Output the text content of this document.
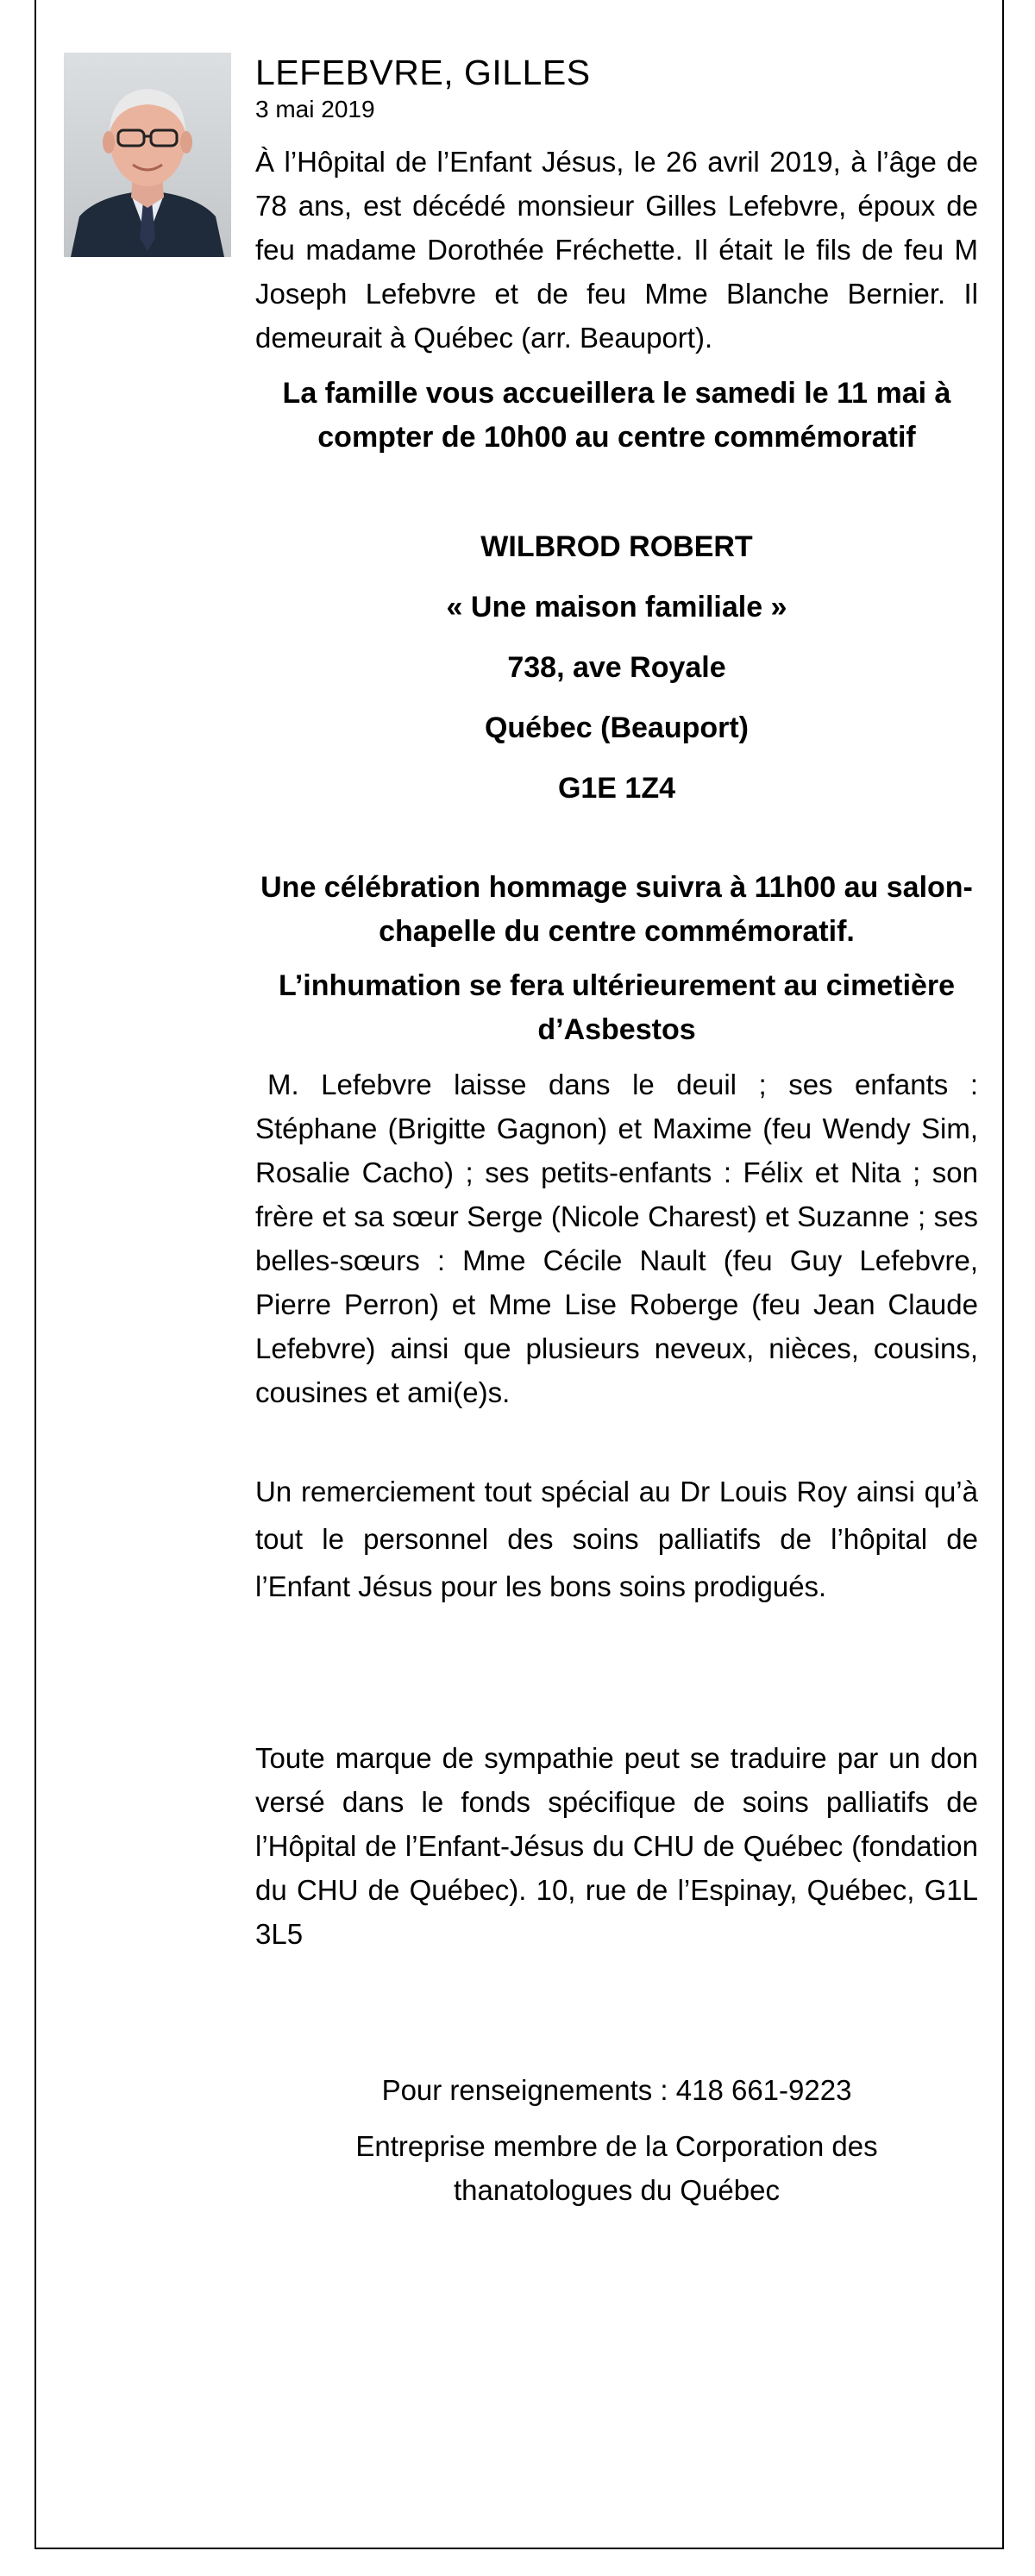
LEFEBVRE, GILLES
3 mai 2019

À l’Hôpital de l’Enfant Jésus, le 26 avril 2019, à l’âge de 78 ans, est décédé monsieur Gilles Lefebvre, époux de feu madame Dorothée Fréchette. Il était le fils de feu M Joseph Lefebvre et de feu Mme Blanche Bernier. Il demeurait à Québec (arr. Beauport).

La famille vous accueillera le samedi le 11 mai à compter de 10h00 au centre commémoratif

WILBROD ROBERT

« Une maison familiale »

738, ave Royale

Québec (Beauport)

G1E 1Z4

Une célébration hommage suivra à 11h00 au salon-chapelle du centre commémoratif.

L’inhumation se fera ultérieurement au cimetière d’Asbestos

M. Lefebvre laisse dans le deuil ; ses enfants : Stéphane (Brigitte Gagnon) et Maxime (feu Wendy Sim, Rosalie Cacho) ; ses petits-enfants : Félix et Nita ; son frère et sa sœur Serge (Nicole Charest) et Suzanne ; ses belles-sœurs : Mme Cécile Nault (feu Guy Lefebvre, Pierre Perron) et Mme Lise Roberge (feu Jean Claude Lefebvre) ainsi que plusieurs neveux, nièces, cousins, cousines et ami(e)s.

Un remerciement tout spécial au Dr Louis Roy ainsi qu’à tout le personnel des soins palliatifs de l’hôpital de l’Enfant Jésus pour les bons soins prodigués.

Toute marque de sympathie peut se traduire par un don versé dans le fonds spécifique de soins palliatifs de l’Hôpital de l’Enfant-Jésus du CHU de Québec (fondation du CHU de Québec). 10, rue de l’Espinay, Québec, G1L 3L5

Pour renseignements : 418 661-9223

Entreprise membre de la Corporation des thanatologues du Québec
